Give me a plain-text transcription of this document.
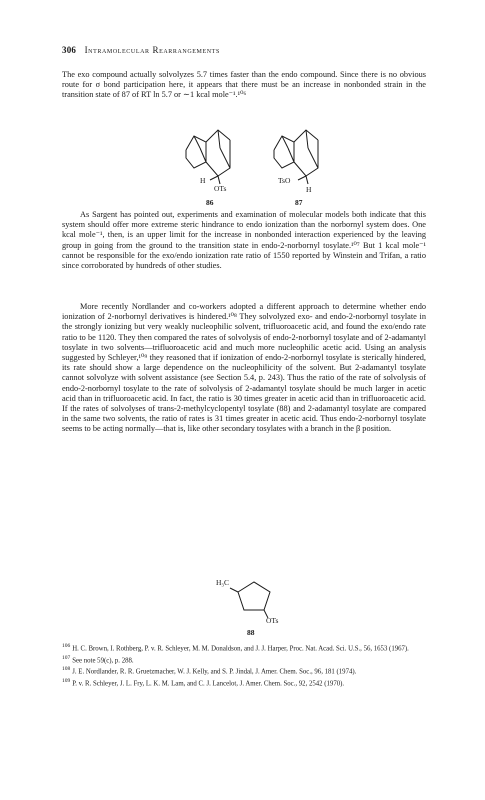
306 Intramolecular Rearrangements

The exo compound actually solvolyzes 5.7 times faster than the endo compound. Since there is no obvious route for σ bond participation here, it appears that there must be an increase in nonbonded strain in the transition state of 87 of RT ln 5.7 or ∼1 kcal mole⁻¹.¹⁰⁶

H
OTs
86
TsO
H
87

As Sargent has pointed out, experiments and examination of molecular models both indicate that this system should offer more extreme steric hindrance to endo ionization than the norbornyl system does. One kcal mole⁻¹, then, is an upper limit for the increase in nonbonded interaction experienced by the leaving group in going from the ground to the transition state in endo-2-norbornyl tosylate.¹⁰⁷ But 1 kcal mole⁻¹ cannot be responsible for the exo/endo ionization rate ratio of 1550 reported by Winstein and Trifan, a ratio since corroborated by hundreds of other studies.

More recently Nordlander and co-workers adopted a different approach to determine whether endo ionization of 2-norbornyl derivatives is hindered.¹⁰⁸ They solvolyzed exo- and endo-2-norbornyl tosylate in the strongly ionizing but very weakly nucleophilic solvent, trifluoroacetic acid, and found the exo/endo rate ratio to be 1120. They then compared the rates of solvolysis of endo-2-norbornyl tosylate and of 2-adamantyl tosylate in two solvents—trifluoroacetic acid and much more nucleophilic acetic acid. Using an analysis suggested by Schleyer,¹⁰⁹ they reasoned that if ionization of endo-2-norbornyl tosylate is sterically hindered, its rate should show a large dependence on the nucleophilicity of the solvent. But 2-adamantyl tosylate cannot solvolyze with solvent assistance (see Section 5.4, p. 243). Thus the ratio of the rate of solvolysis of endo-2-norbornyl tosylate to the rate of solvolysis of 2-adamantyl tosylate should be much larger in acetic acid than in trifluoroacetic acid. In fact, the ratio is 30 times greater in acetic acid than in trifluoroacetic acid. If the rates of solvolyses of trans-2-methylcyclopentyl tosylate (88) and 2-adamantyl tosylate are compared in the same two solvents, the ratio of rates is 31 times greater in acetic acid. Thus endo-2-norbornyl tosylate seems to be acting normally—that is, like other secondary tosylates with a branch in the β position.

H₃C
OTs
88

$^{106}$ H. C. Brown, I. Rothberg, P. v. R. Schleyer, M. M. Donaldson, and J. J. Harper, Proc. Nat. Acad. Sci. U.S., 56, 1653 (1967).

$^{107}$ See note 59(c), p. 288.

$^{108}$ J. E. Nordlander, R. R. Gruetzmacher, W. J. Kelly, and S. P. Jindal, J. Amer. Chem. Soc., 96, 181 (1974).

$^{109}$ P. v. R. Schleyer, J. L. Fry, L. K. M. Lam, and C. J. Lancelot, J. Amer. Chem. Soc., 92, 2542 (1970).
